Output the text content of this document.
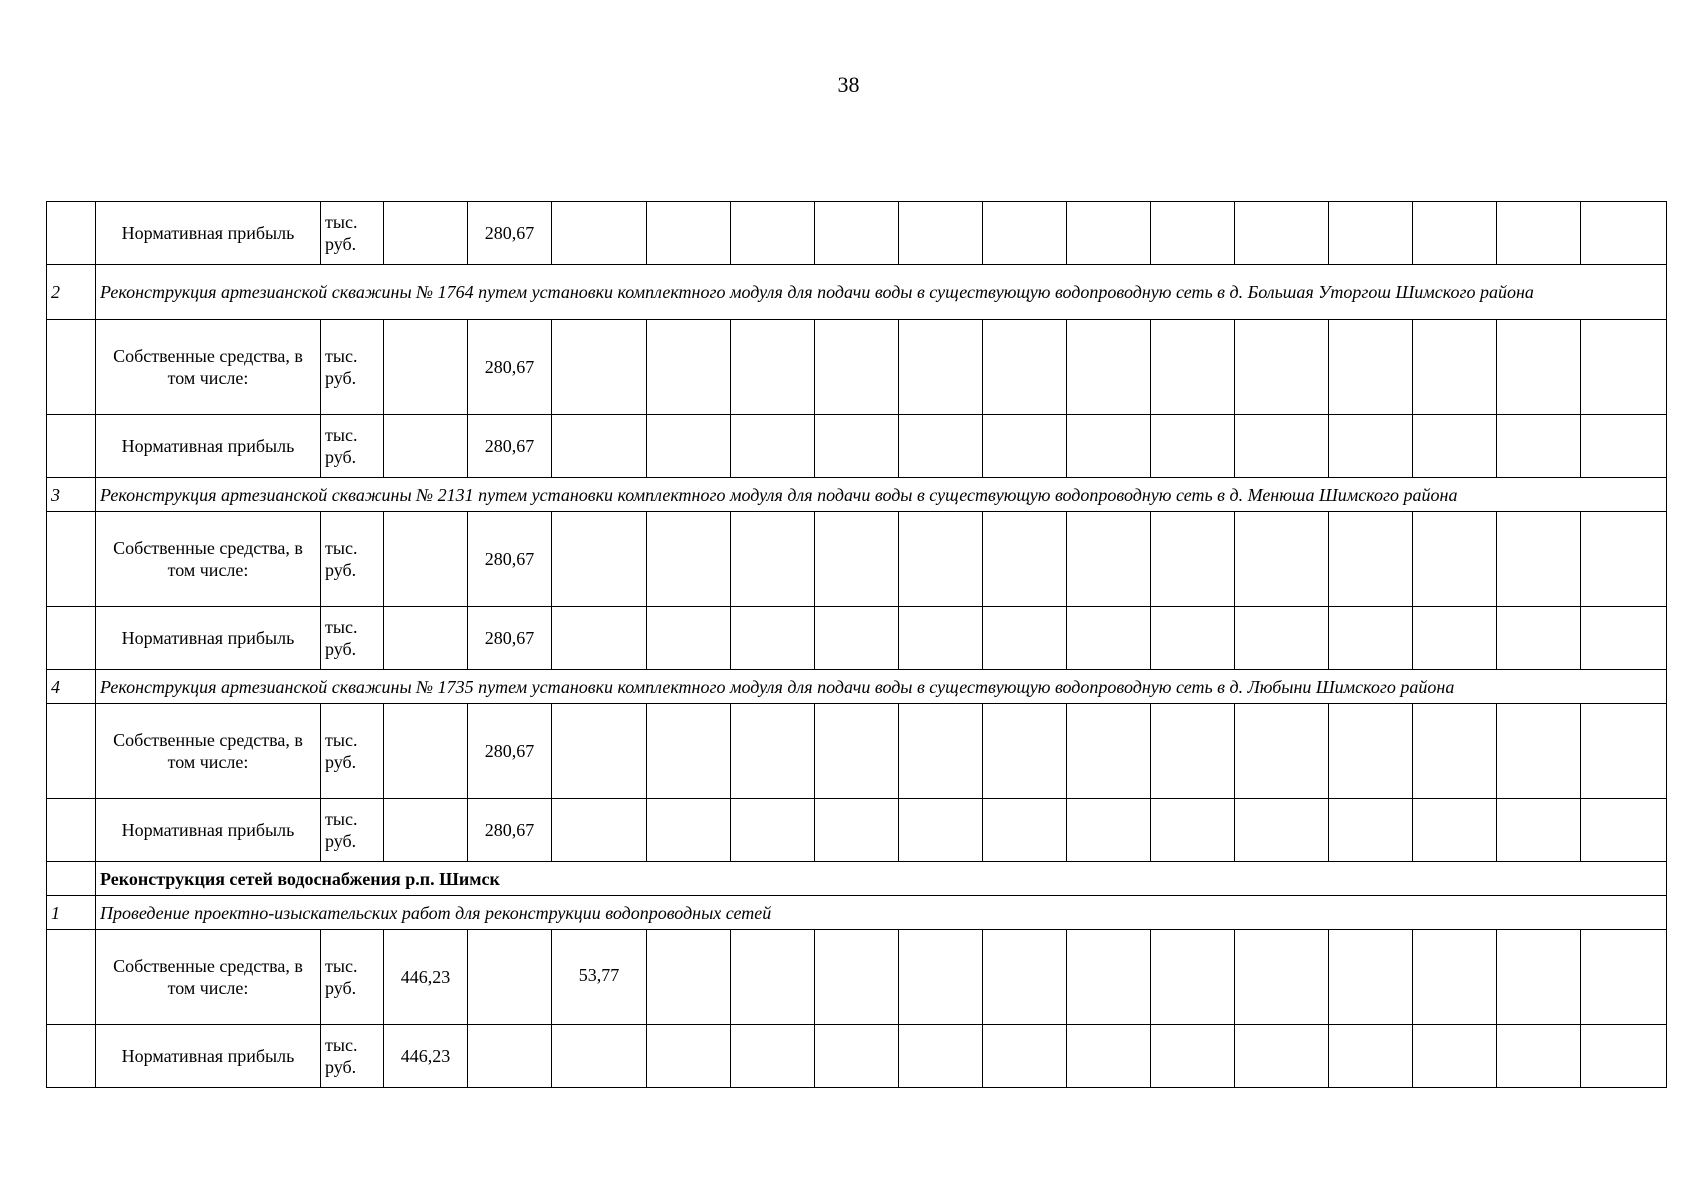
38
	Нормативная прибыль	тыс. руб.		280,67													
2	Реконструкция артезианской скважины № 1764 путем установки комплектного модуля для подачи воды в существующую водопроводную сеть в д. Большая Уторгош Шимского района																
	Собственные средства, в том числе:	тыс. руб.		280,67													
	Нормативная прибыль	тыс. руб.		280,67													
3	Реконструкция артезианской скважины № 2131 путем установки комплектного модуля для подачи воды в существующую водопроводную сеть в д. Менюша Шимского района																
	Собственные средства, в том числе:	тыс. руб.		280,67													
	Нормативная прибыль	тыс. руб.		280,67													
4	Реконструкция артезианской скважины № 1735 путем установки комплектного модуля для подачи воды в существующую водопроводную сеть в д. Любыни Шимского района																
	Собственные средства, в том числе:	тыс. руб.		280,67													
	Нормативная прибыль	тыс. руб.		280,67													
	Реконструкция сетей водоснабжения р.п. Шимск																
1	Проведение проектно-изыскательских работ для реконструкции водопроводных сетей																
	Собственные средства, в том числе:	тыс. руб.	446,23		53,77												
	Нормативная прибыль	тыс. руб.	446,23														
